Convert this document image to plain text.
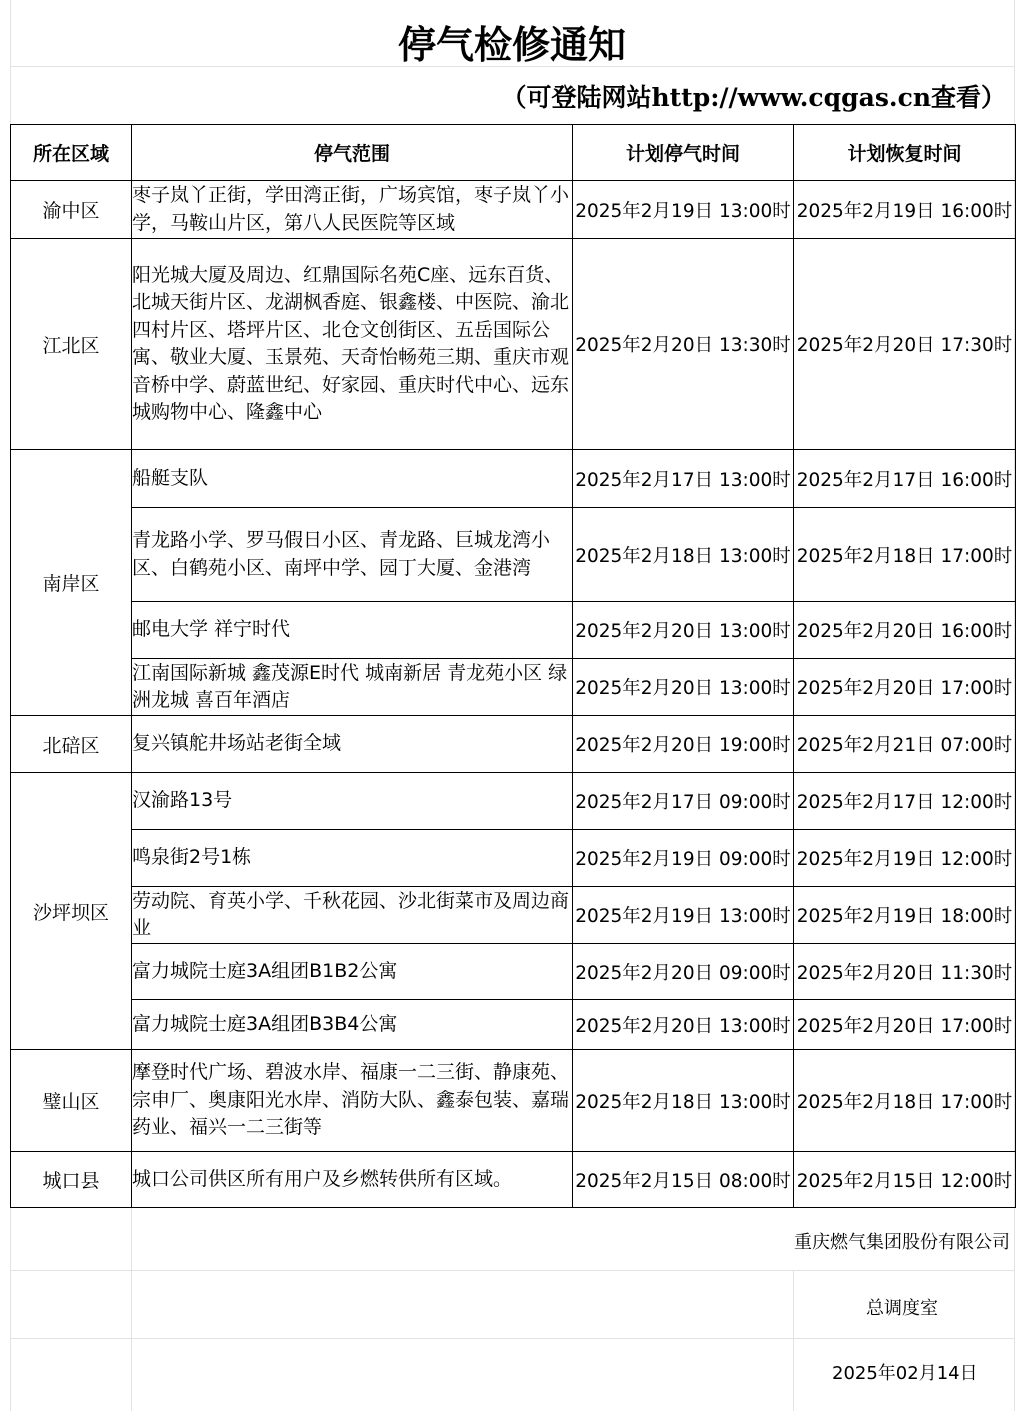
停气检修通知
（可登陆网站http://www.cqgas.cn查看）
所在区域	停气范围	计划停气时间	计划恢复时间
渝中区	枣子岚丫正街，学田湾正街，广场宾馆，枣子岚丫小学，马鞍山片区，第八人民医院等区域	2025年2月19日 13:00时	2025年2月19日 16:00时
江北区	阳光城大厦及周边、红鼎国际名苑C座、远东百货、北城天街片区、龙湖枫香庭、银鑫楼、中医院、渝北四村片区、塔坪片区、北仓文创街区、五岳国际公寓、敬业大厦、玉景苑、天奇怡畅苑三期、重庆市观音桥中学、蔚蓝世纪、好家园、重庆时代中心、远东城购物中心、隆鑫中心	2025年2月20日 13:30时	2025年2月20日 17:30时
南岸区	船艇支队	2025年2月17日 13:00时	2025年2月17日 16:00时
	青龙路小学、罗马假日小区、青龙路、巨城龙湾小区、白鹤苑小区、南坪中学、园丁大厦、金港湾	2025年2月18日 13:00时	2025年2月18日 17:00时
	邮电大学 祥宁时代	2025年2月20日 13:00时	2025年2月20日 16:00时
	江南国际新城 鑫茂源E时代 城南新居 青龙苑小区 绿洲龙城 喜百年酒店	2025年2月20日 13:00时	2025年2月20日 17:00时
北碚区	复兴镇舵井场站老街全域	2025年2月20日 19:00时	2025年2月21日 07:00时
沙坪坝区	汉渝路13号	2025年2月17日 09:00时	2025年2月17日 12:00时
	鸣泉街2号1栋	2025年2月19日 09:00时	2025年2月19日 12:00时
	劳动院、育英小学、千秋花园、沙北街菜市及周边商业	2025年2月19日 13:00时	2025年2月19日 18:00时
	富力城院士庭3A组团B1B2公寓	2025年2月20日 09:00时	2025年2月20日 11:30时
	富力城院士庭3A组团B3B4公寓	2025年2月20日 13:00时	2025年2月20日 17:00时
璧山区	摩登时代广场、碧波水岸、福康一二三街、静康苑、宗申厂、奥康阳光水岸、消防大队、鑫泰包装、嘉瑞药业、福兴一二三街等	2025年2月18日 13:00时	2025年2月18日 17:00时
城口县	城口公司供区所有用户及乡燃转供所有区域。	2025年2月15日 08:00时	2025年2月15日 12:00时
重庆燃气集团股份有限公司
总调度室
2025年02月14日
